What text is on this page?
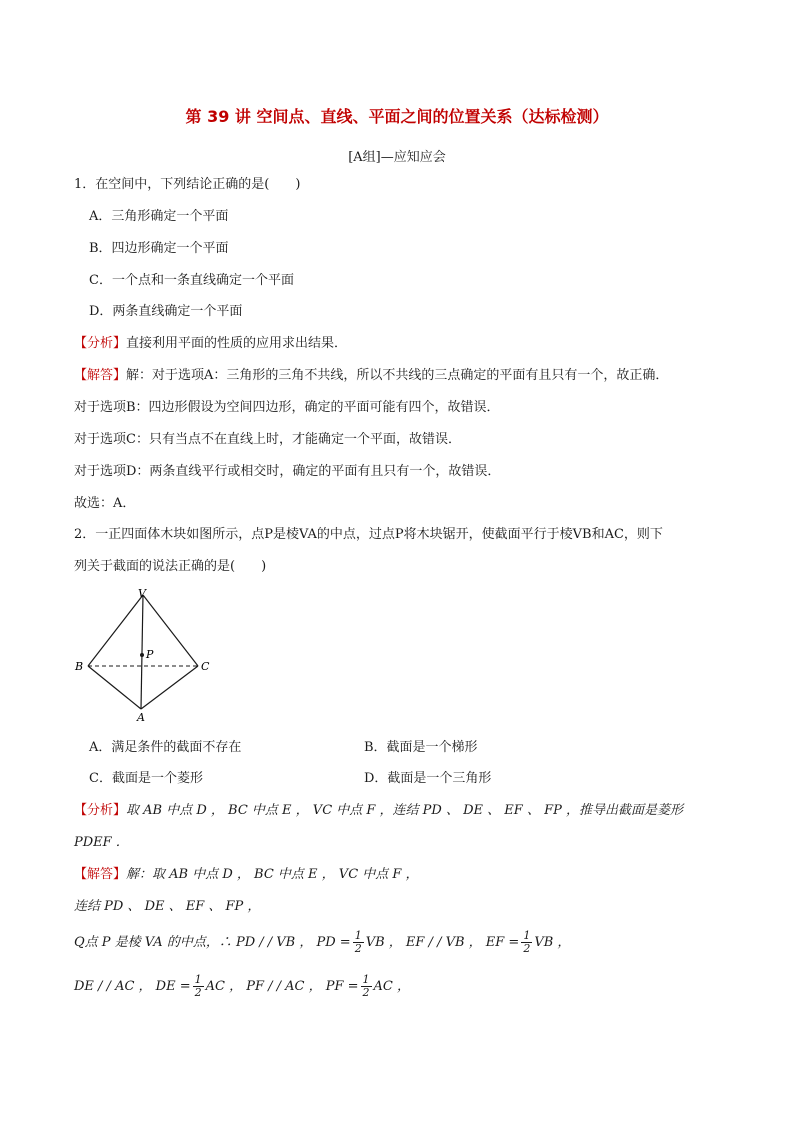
第 39 讲 空间点、直线、平面之间的位置关系（达标检测）
[A组]—应知应会
1．在空间中，下列结论正确的是(　　)
A．三角形确定一个平面
B．四边形确定一个平面
C．一个点和一条直线确定一个平面
D．两条直线确定一个平面
【分析】直接利用平面的性质的应用求出结果．
【解答】解：对于选项A：三角形的三角不共线，所以不共线的三点确定的平面有且只有一个，故正确．
对于选项B：四边形假设为空间四边形，确定的平面可能有四个，故错误．
对于选项C：只有当点不在直线上时，才能确定一个平面，故错误．
对于选项D：两条直线平行或相交时，确定的平面有且只有一个，故错误．
故选：A．
2．一正四面体木块如图所示，点P是棱VA的中点，过点P将木块锯开，使截面平行于棱VB和AC，则下
列关于截面的说法正确的是(　　)
V
B	C
A
P
A．满足条件的截面不存在	B．截面是一个梯形
C．截面是一个菱形	D．截面是一个三角形
【分析】取 AB 中点 D ， BC 中点 E ， VC 中点 F ，连结 PD 、 DE 、 EF 、 FP ，推导出截面是菱形
PDEF ．
【解答】解：取 AB 中点 D ， BC 中点 E ， VC 中点 F ，
连结 PD 、 DE 、 EF 、 FP ，
Q点 P 是棱 VA 的中点，∴ PD / / VB ， PD = $\frac{1}{2}$ VB ， EF / / VB ， EF = $\frac{1}{2}$ VB ，
DE / / AC ， DE = $\frac{1}{2}$ AC ， PF / / AC ， PF = $\frac{1}{2}$ AC ，
